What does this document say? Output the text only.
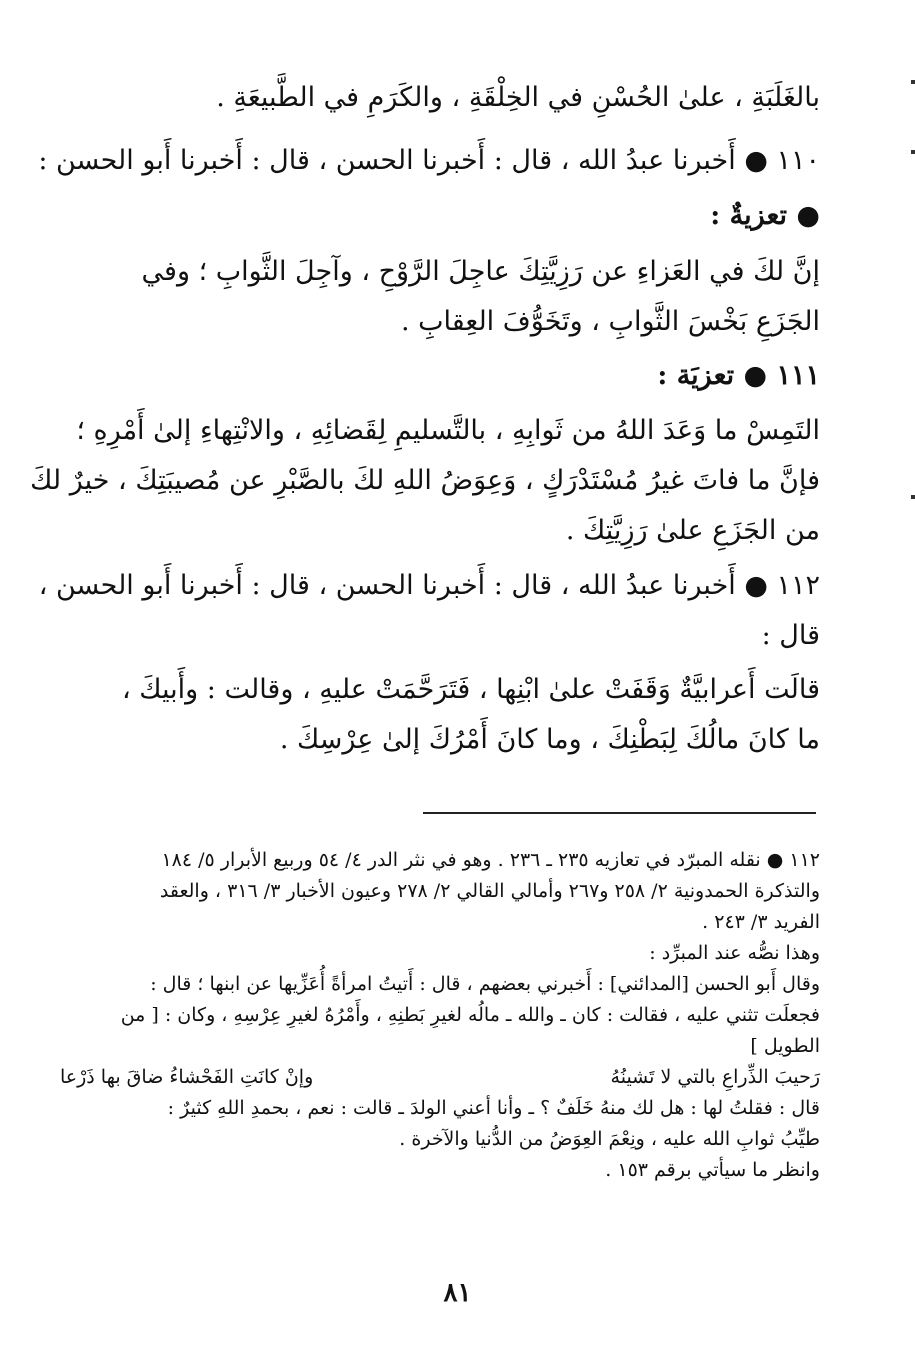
بالغَلَبَةِ ، علىٰ الحُسْنِ في الخِلْقَةِ ، والكَرَمِ في الطَّبيعَةِ .
١١٠ ● أَخبرنا عبدُ الله ، قال : أَخبرنا الحسن ، قال : أَخبرنا أَبو الحسن :
● تعزيةٌ :
إنَّ لكَ في العَزاءِ عن رَزِيَّتِكَ عاجِلَ الرَّوْحِ ، وآجِلَ الثَّوابِ ؛ وفي
الجَزَعِ بَخْسَ الثَّوابِ ، وتَخَوُّفَ العِقابِ .
١١١ ● تعزيَة :
التَمِسْ ما وَعَدَ اللهُ من ثَوابِهِ ، بالتَّسليمِ لِقَضائِهِ ، والانْتِهاءِ إلىٰ أَمْرِهِ ؛
فإنَّ ما فاتَ غيرُ مُسْتَدْرَكٍ ، وَعِوَضُ اللهِ لكَ بالصَّبْرِ عن مُصيبَتِكَ ، خيرٌ لكَ
من الجَزَعِ علىٰ رَزِيَّتِكَ .
١١٢ ● أَخبرنا عبدُ الله ، قال : أَخبرنا الحسن ، قال : أَخبرنا أَبو الحسن ،
قال :
قالَت أَعرابيَّةٌ وَقَفَتْ علىٰ ابْنِها ، فَتَرَحَّمَتْ عليهِ ، وقالت : وأَبيكَ ،
ما كانَ مالُكَ لِبَطْنِكَ ، وما كانَ أَمْرُكَ إلىٰ عِرْسِكَ .
١١٢ ● نقله المبرّد في تعازيه ٢٣٥ ـ ٢٣٦ . وهو في نثر الدر ٤/ ٥٤ وربيع الأبرار ٥/ ١٨٤
والتذكرة الحمدونية ٢/ ٢٥٨ و٢٦٧ وأمالي القالي ٢/ ٢٧٨ وعيون الأخبار ٣/ ٣١٦ ، والعقد
الفريد ٣/ ٢٤٣ .
وهذا نصُّه عند المبرِّد :
وقال أَبو الحسن [المدائني] : أَخبرني بعضهم ، قال : أَتيتُ امرأةً أُعَزِّيها عن ابنها ؛ قال :
فجعلَت تثني عليه ، فقالت : كان ـ والله ـ مالُه لغيرِ بَطنِهِ ، وأَمْرُهُ لغيرِ عِرْسِهِ ، وكان : [ من
الطويل ]
رَحيبَ الذِّراعِ بالتي لا تَشينُهُ
وإنْ كانَتِ الفَحْشاءُ ضاقَ بها ذَرْعا
قال : فقلتُ لها : هل لك منهُ خَلَفٌ ؟ ـ وأنا أعني الولدَ ـ قالت : نعم ، بحمدِ اللهِ كثيرٌ :
طيِّبُ ثوابِ الله عليه ، ونِعْمَ العِوَضُ من الدُّنيا والآخرة .
وانظر ما سيأتي برقم ١٥٣ .
٨١
